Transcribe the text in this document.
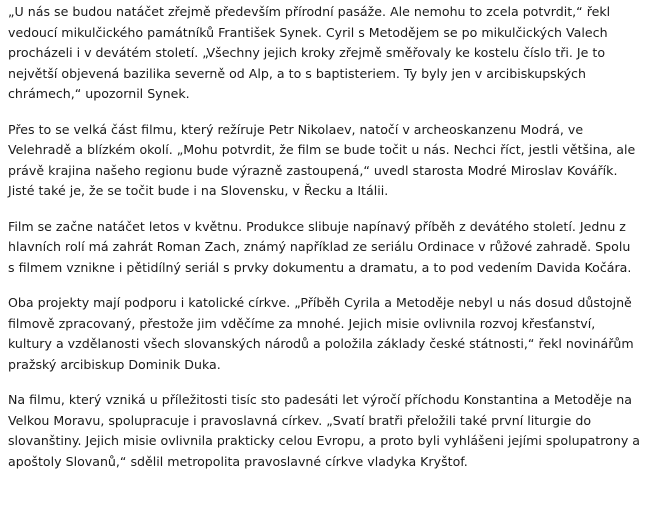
„U nás se budou natáčet zřejmě především přírodní pasáže. Ale nemohu to zcela potvrdit,“ řekl vedoucí mikulčického památníků František Synek. Cyril s Metodějem se po mikulčických Valech procházeli i v devátém století. „Všechny jejich kroky zřejmě směřovaly ke kostelu číslo tři. Je to největší objevená bazilika severně od Alp, a to s baptisteriem. Ty byly jen v arcibiskupských chrámech,“ upozornil Synek.

Přes to se velká část filmu, který režíruje Petr Nikolaev, natočí v archeoskanzenu Modrá, ve Velehradě a blízkém okolí. „Mohu potvrdit, že film se bude točit u nás. Nechci říct, jestli většina, ale právě krajina našeho regionu bude výrazně zastoupená,“ uvedl starosta Modré Miroslav Kovářík. Jisté také je, že se točit bude i na Slovensku, v Řecku a Itálii.

Film se začne natáčet letos v květnu. Produkce slibuje napínavý příběh z devátého století. Jednu z hlavních rolí má zahrát Roman Zach, známý například ze seriálu Ordinace v růžové zahradě. Spolu s filmem vznikne i pětidílný seriál s prvky dokumentu a dramatu, a to pod vedením Davida Kočára.

Oba projekty mají podporu i katolické církve. „Příběh Cyrila a Metoděje nebyl u nás dosud důstojně filmově zpracovaný, přestože jim vděčíme za mnohé. Jejich misie ovlivnila rozvoj křesťanství, kultury a vzdělanosti všech slovanských národů a položila základy české státnosti,“ řekl novinářům pražský arcibiskup Dominik Duka.

Na filmu, který vzniká u příležitosti tisíc sto padesáti let výročí příchodu Konstantina a Metoděje na Velkou Moravu, spolupracuje i pravoslavná církev. „Svatí bratři přeložili také první liturgie do slovanštiny. Jejich misie ovlivnila prakticky celou Evropu, a proto byli vyhlášeni jejími spolupatrony a apoštoly Slovanů,“ sdělil metropolita pravoslavné církve vladyka Kryštof.
